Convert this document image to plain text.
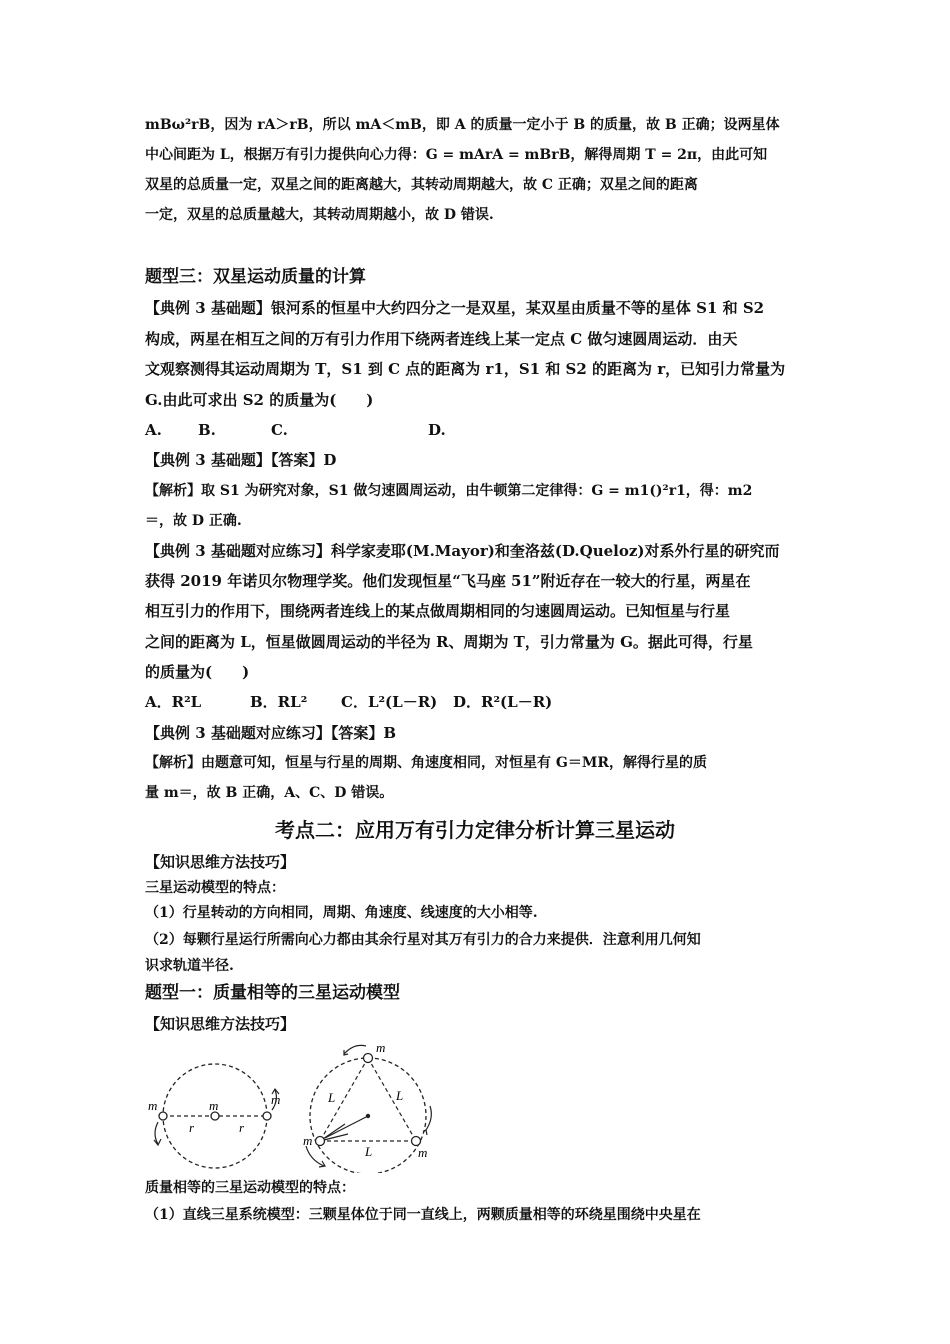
mBω²rB，因为 rA＞rB，所以 mA＜mB，即 A 的质量一定小于 B 的质量，故 B 正确；设两星体
中心间距为 L，根据万有引力提供向心力得：G = mArA = mBrB，解得周期 T = 2π，由此可知
双星的总质量一定，双星之间的距离越大，其转动周期越大，故 C 正确；双星之间的距离
一定，双星的总质量越大，其转动周期越小，故 D 错误.
题型三：双星运动质量的计算
【典例 3 基础题】银河系的恒星中大约四分之一是双星，某双星由质量不等的星体 S1 和 S2
构成，两星在相互之间的万有引力作用下绕两者连线上某一定点 C 做匀速圆周运动．由天
文观察测得其运动周期为 T，S1 到 C 点的距离为 r1，S1 和 S2 的距离为 r，已知引力常量为
G.由此可求出 S2 的质量为(　　)
A. B.	C.	D.
【典例 3 基础题】【答案】D
【解析】取 S1 为研究对象，S1 做匀速圆周运动，由牛顿第二定律得：G = m1()²r1，得：m2
＝，故 D 正确.
【典例 3 基础题对应练习】科学家麦耶(M.Mayor)和奎洛兹(D.Queloz)对系外行星的研究而
获得 2019 年诺贝尔物理学奖。他们发现恒星“飞马座 51”附近存在一较大的行星，两星在
相互引力的作用下，围绕两者连线上的某点做周期相同的匀速圆周运动。已知恒星与行星
之间的距离为 L，恒星做圆周运动的半径为 R、周期为 T，引力常量为 G。据此可得，行星
的质量为(　　)
A．R²L	B．RL² C．L²(L－R) D．R²(L－R)
【典例 3 基础题对应练习】【答案】B
【解析】由题意可知，恒星与行星的周期、角速度相同，对恒星有 G＝MR，解得行星的质
量 m＝，故 B 正确，A、C、D 错误。
考点二：应用万有引力定律分析计算三星运动
【知识思维方法技巧】
三星运动模型的特点：
（1）行星转动的方向相同，周期、角速度、线速度的大小相等.
（2）每颗行星运行所需向心力都由其余行星对其万有引力的合力来提供．注意利用几何知
识求轨道半径.
题型一：质量相等的三星运动模型
【知识思维方法技巧】
m	m	m
r	r
m
m
m
L	L
L
质量相等的三星运动模型的特点：
（1）直线三星系统模型：三颗星体位于同一直线上，两颗质量相等的环绕星围绕中央星在
